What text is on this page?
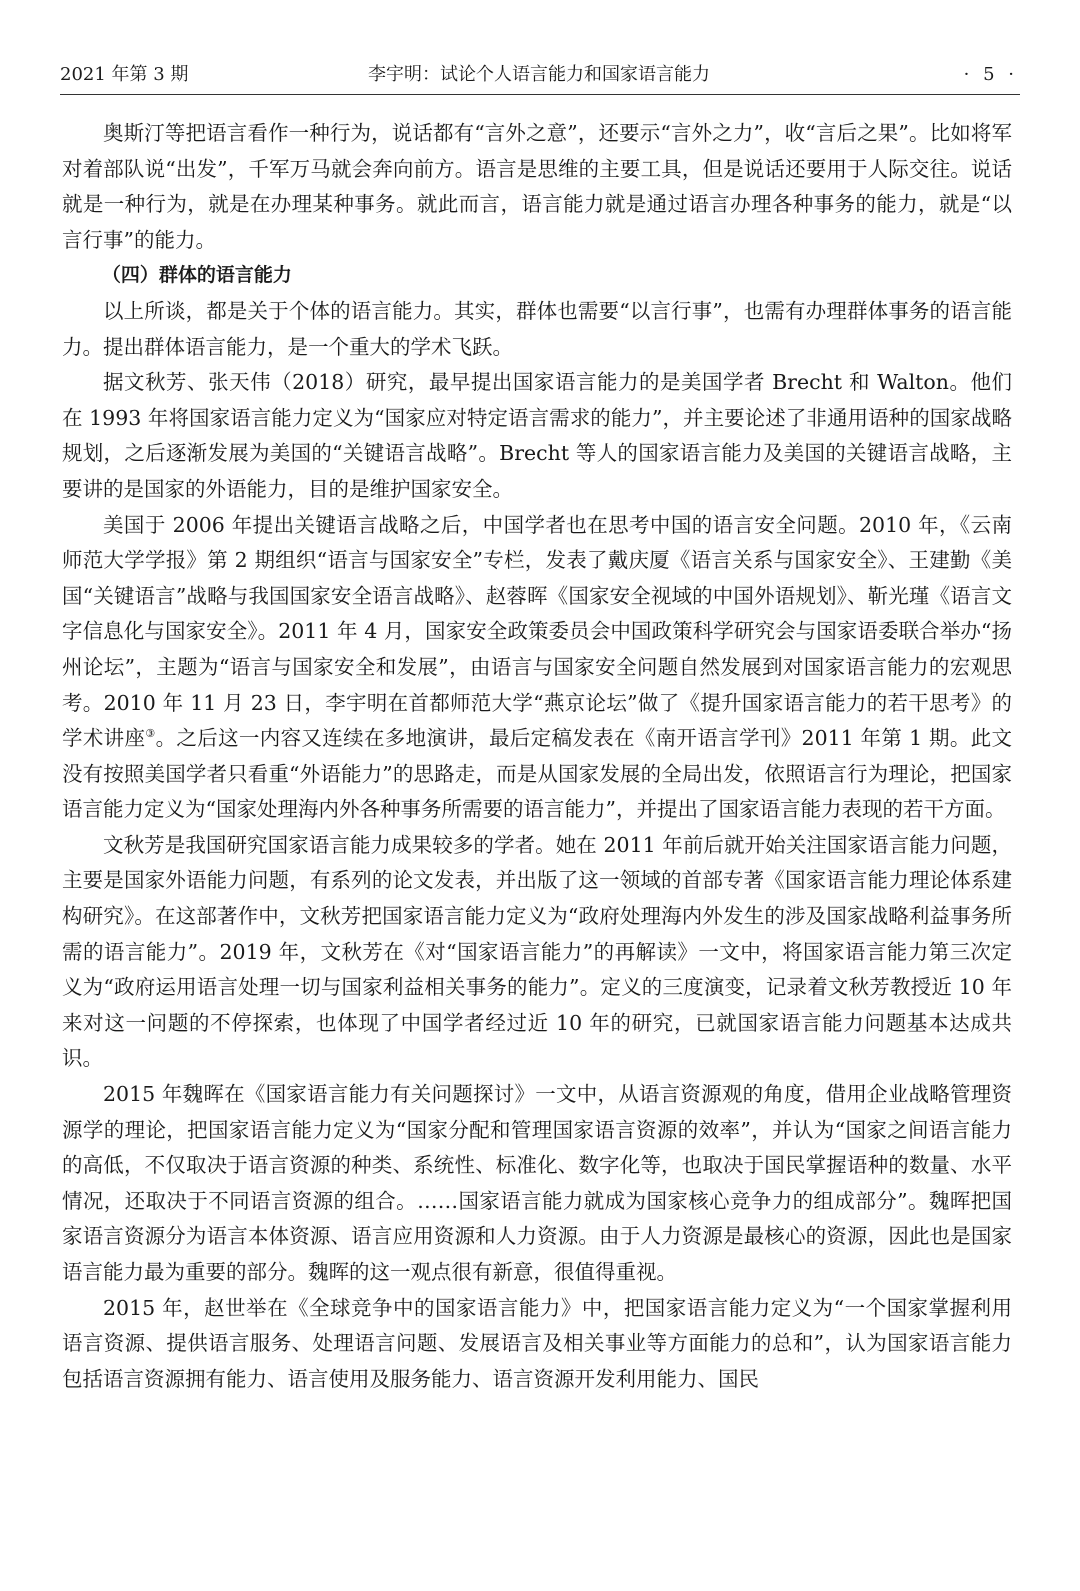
2021 年第 3 期	李宇明：试论个人语言能力和国家语言能力	· 5 ·

奥斯汀等把语言看作一种行为，说话都有“言外之意”，还要示“言外之力”，收“言后之果”。比如将军对着部队说“出发”，千军万马就会奔向前方。语言是思维的主要工具，但是说话还要用于人际交往。说话就是一种行为，就是在办理某种事务。就此而言，语言能力就是通过语言办理各种事务的能力，就是“以言行事”的能力。

（四）群体的语言能力

以上所谈，都是关于个体的语言能力。其实，群体也需要“以言行事”，也需有办理群体事务的语言能力。提出群体语言能力，是一个重大的学术飞跃。

据文秋芳、张天伟（2018）研究，最早提出国家语言能力的是美国学者 Brecht 和 Walton。他们在 1993 年将国家语言能力定义为“国家应对特定语言需求的能力”，并主要论述了非通用语种的国家战略规划，之后逐渐发展为美国的“关键语言战略”。Brecht 等人的国家语言能力及美国的关键语言战略，主要讲的是国家的外语能力，目的是维护国家安全。

美国于 2006 年提出关键语言战略之后，中国学者也在思考中国的语言安全问题。2010 年，《云南师范大学学报》第 2 期组织“语言与国家安全”专栏，发表了戴庆厦《语言关系与国家安全》、王建勤《美国“关键语言”战略与我国国家安全语言战略》、赵蓉晖《国家安全视域的中国外语规划》、靳光瑾《语言文字信息化与国家安全》。2011 年 4 月，国家安全政策委员会中国政策科学研究会与国家语委联合举办“扬州论坛”，主题为“语言与国家安全和发展”，由语言与国家安全问题自然发展到对国家语言能力的宏观思考。2010 年 11 月 23 日，李宇明在首都师范大学“燕京论坛”做了《提升国家语言能力的若干思考》的学术讲座③。之后这一内容又连续在多地演讲，最后定稿发表在《南开语言学刊》2011 年第 1 期。此文没有按照美国学者只看重“外语能力”的思路走，而是从国家发展的全局出发，依照语言行为理论，把国家语言能力定义为“国家处理海内外各种事务所需要的语言能力”，并提出了国家语言能力表现的若干方面。

文秋芳是我国研究国家语言能力成果较多的学者。她在 2011 年前后就开始关注国家语言能力问题，主要是国家外语能力问题，有系列的论文发表，并出版了这一领域的首部专著《国家语言能力理论体系建构研究》。在这部著作中，文秋芳把国家语言能力定义为“政府处理海内外发生的涉及国家战略利益事务所需的语言能力”。2019 年，文秋芳在《对“国家语言能力”的再解读》一文中，将国家语言能力第三次定义为“政府运用语言处理一切与国家利益相关事务的能力”。定义的三度演变，记录着文秋芳教授近 10 年来对这一问题的不停探索，也体现了中国学者经过近 10 年的研究，已就国家语言能力问题基本达成共识。

2015 年魏晖在《国家语言能力有关问题探讨》一文中，从语言资源观的角度，借用企业战略管理资源学的理论，把国家语言能力定义为“国家分配和管理国家语言资源的效率”，并认为“国家之间语言能力的高低，不仅取决于语言资源的种类、系统性、标准化、数字化等，也取决于国民掌握语种的数量、水平情况，还取决于不同语言资源的组合。……国家语言能力就成为国家核心竞争力的组成部分”。魏晖把国家语言资源分为语言本体资源、语言应用资源和人力资源。由于人力资源是最核心的资源，因此也是国家语言能力最为重要的部分。魏晖的这一观点很有新意，很值得重视。

2015 年，赵世举在《全球竞争中的国家语言能力》中，把国家语言能力定义为“一个国家掌握利用语言资源、提供语言服务、处理语言问题、发展语言及相关事业等方面能力的总和”，认为国家语言能力包括语言资源拥有能力、语言使用及服务能力、语言资源开发利用能力、国民
